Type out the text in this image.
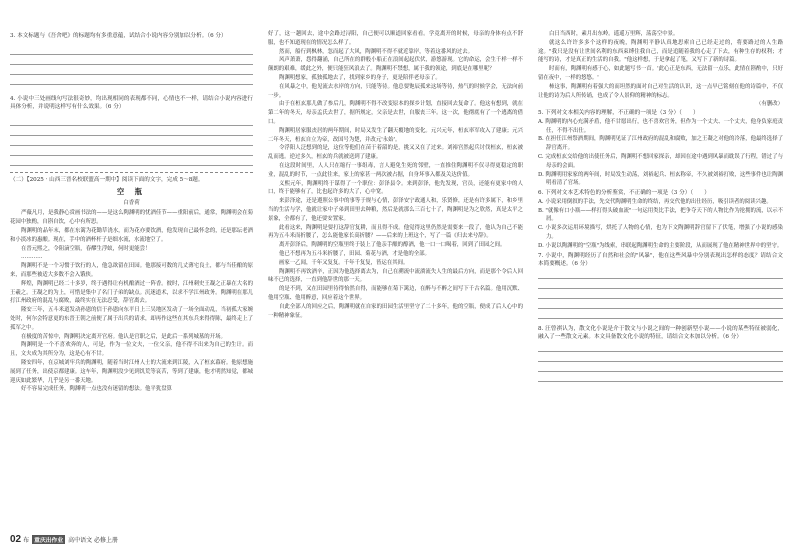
3. 本文标题与《吾舍吧》的标题均有多重意蕴，试结合小说内容分别加以分析。（6 分）

4. 小说中三处画线句写法很奇妙，均出现相同的表现都不同，心情也不一样，请结合小说内容进行具体分析，并说明这样写有什么效果。（6 分）

（二）【2025 · 山西三晋名校联盟高一期中】阅读下面的文字，完成 5～8题。

空 瓶

白香荷

严薇凡月，是我静心赏画书法的——是这么陶渊明的忧酒佳节——重阳前后，通常，陶渊明会在菊花园中独酌，自斟自饮，心中有所思。

陶渊明的品年末，都在东篱为花锄草浇水，而为花亦要饮酒，他发现自己最怀念的，还是那坛老酒和小淡冰的惠酿。现在，手中的酒杯杆子是细水流，水流地空了。

在晋元熙之，令阻滴空瓶，春醪生浮蚁，何时更能尝！

…………

陶渊明不是一个习惯于饮行的人，他急欲留在田园。他那接可数的几丈薄宅良土，都与当佳酿的原来，而那些被适大多数不会入饿侠。

辉煌，陶渊明已经二十多岁，终于遇得让有机酿酒过一阵香。彼时，江州刺史王凝之正暴在大名的王羲之。王凝之的为上，可惜是集中了名门子弟的缺点。沉迷道术，以求不学江州政务。陶渊明在那儿打江州政府的混乱与腐败，最终实在无法忍受，辞官离去。

隆安三年，五斗米道发动孙恩的信于孙恩向东平日上三吴地区发动了一场全面动乱，当初孤大家婉处时，何尔会特意更的东晋王朝之前便了属于出兵的请求，却再作这些在其东兵来得得陈，最终走上了孤军之中。

在极度的苦惊中，陶渊明决定离开官府。他认是官职之后，是此后一系列城墓的开场。

陶渊明是一个不喜欢奔的人，可是，作为一位文夫，一位父亲，他不得不出来为自己的生计。而且，文夫成为其所分为，这是心有不甘。

隆安四年，在京城刘牢兵的陶渊明，随着当时江州人士的大流来到江陵，入了桓玄幕府。他原想施展到了任务，出使京都建康。这车年，陶渊明没少见到饥荒等哀苦，等到了建康，他才明然知觉，都城迎庆如此繁华，几乎是另一番天地。

好不容易完成任务，陶渊明一点也没有迷留的想法。他平犹盘算

02 布 重庆出作业 高中语文 必修上册

好了，这一趟回去，途中会路过浔阳，自己便可以顺道回家看看。学竟离开的时候，母亲的身体有点不舒服，也不知道现在的情况怎么样了。

然而，船行到枫林，忽而起了大风，陶渊明不得不就近靠岸，等着这番风的过去。

风声萧萧，怨得翻涌，自己所在的群般小船正在浪间起起伏伏，游悠游现。它的命运，会生千样一样不颠朗的艰难，缓此之外，便只能狂风浪去了。陶渊明不禁想，属于我的领途，到底是在哪里呢？

陶渊明想家，孤独孤地去了，找到家乡的身子，更是陪伴老母亲了。

在风暴之中，他见流去水岸的方向，只能等待。他总要饱辰孤来这场等待，热气的时候学会，无法向前一步。

由于在桓玄那儿做了参后几，陶渊明不得不改变原本的探乡计划，直接回去复命了。他这有想到，就在第二年的冬天，母亲孟氏去世了，据所规定，父亲是去世，自服丧三年。这一次，他彻底有了一个逃离的借口。

陶渊明居家服丧居的两年期间，时局又发生了翻天覆地的变化。元兴元年，桓玄率军攻入了建康；元兴二年冬天，桓玄自立为帝，改国号为楚，并改元'永始'。

令浮阳人泛想到的是，这位等他们在苗于着韶的是，挑又又在了过来。刘裕宫然起兵讨伐桓玄，桓玄被乱而逃。逆过多久，桓玄的兵就被送到了建康。

在这段时间里，人人只在缩行一事组毒，言人避免生死的邻壁，一直推住陶渊明不仅寻得更稳定的职业，混乱的时节，一点此往来，家上的家甚一两次被占据，自身坏事入都及关达价值。

义熙元年，陶渊明终于谋得了一个职位：彭泽县令。来到彭泽，他先发现，官员，还能有更家中的人口，终于能够有了，比也起许多的大了，心中宽。

来彭泽途，还是遵照公事中的事等于规与心情，彭泽安宁政通人和，乐贤修，还是有许多属下，和乡里当的生活与学，他就让家中子弟到田里去种粮，然后是就那么三百七十了，陶渊明是为之欣然，真是太平之景象，全都有了，他还要安置家。

此看这来，陶渊明是要打这辞官复耕，而且得不成。他觉得这里仍然是需要来一段了，他认为自己不能再为五斗米而折腰了，怎么能他家长高折腰？——后来的上班这个，写了一篇《归去来兮辞》。

离开彭泽后，陶渊明的空瓶里终于装上了他亲手酿的醇酒，他一口一口喝着，回到了田园之间。

他已不想再为五斗米折腰了，田园、菊花与酒，才是他的全部。

画家一乙闻，千年又复复。千年千复复，皆运在其间。

陶渊明不再饮酒辛，正因为他选择离去为，自己在溯流中流淌流失人生的最后方向，而是那个令后人回味不已的选择，一直到他辞世的那一天。

的是不到，又在田园里待得怡然自得，而能够在菊下篱边，在醉与不醉之间写下千古名篇。他用沉默、他用空瓶、他用醉意，回应着这个世界。

自此全部人的回应之后，陶渊明就在自家的田园生活里坚守了二十多年，他的空瓶，便成了后人心中的一种精神象征。

白日当西时，素月出东岭。遥遥万里辉，荡荡空中景。

就这么许许多多个这样的夜晚，陶渊明平静认真地思索自己已经走过的，将要路过的人生路途。"我只是没有让世间名利的东西束缚住我自己，而是追随着我的心走了下去，有种生存的权利；才能写的诗，才是真正的生活的自我。"他这样想，于是拿起了笔，又写下了新的诗篇。

时而有，陶渊明有感于心，如此题写书一首。'此心正是东西，无法留一点乐，此情在斟酌中，只好留在夜中，一样的悠悠。'

柿这事，陶渊明有着强大的而坦然的面对自己对生活的认识，这一点早已铭刻在他的诗篇中，不仅让他的诗为后人所传诵，也成了令人景仰的精神的标志。

（有删改）

5. 下列对文本相关内容的理解，不正确的一项是（3 分）（　　）

A. 陶渊明的内心充满矛盾，他不甘愿出行，也不喜欢官务，但作为一个丈夫、一个丈夫，他身负家庭责任，不得不出仕。

B. 在担任江州祭酒期间，陶渊明见证了江州政府的混乱和腐败，加之王凝之对他的冷落，他最终选择了辞官离开。

C. 完成桓玄交给他的出使任务后，陶渊明不想回家探亲，却因在途中遇到风暴而耽误了行程，错过了与母亲的会面。

D. 陶渊明用家家的两年间，时局发生动荡，刘裕起兵、桓玄称帝，不久被刘裕打败，这些事件也让陶渊明看清了官场。

6. 下列对文本艺术特色的分析鉴赏，不正确的一项是（3 分）（　　）

A. 小说采用倒叙的手法，先交代陶渊明生命的终结，再交代他的出仕经历，吸引读者的阅读兴趣。

B. "就像有口小瓶——样打得头破血流"一句运用类比手法，把争夺天下的人物比作为抢拥的流，以示不屑。

C. 小说多次运用环境描写，烘托了人物的心情，也为下文陶渊明辞官留下了伏笔，增强了小说的感染力。

D. 小说以陶渊明的"空瓶"为线索，串联起陶渊明生命的主要阶段，从而展现了他在精神世界中的坚守。

7. 小说中，陶渊明经历了自然和社会的"风暴"，他在这些风暴中分别表现出怎样的态度？请结合文本简要概述。（6 分）

8. 汪曾祺认为，散文化小说是介于散文与小说之间的一种创新型小说——小说的某些特征被弱化，融入了一些散文元素。本文具备散文化小说的特征，请结合文本加以分析。（6 分）
